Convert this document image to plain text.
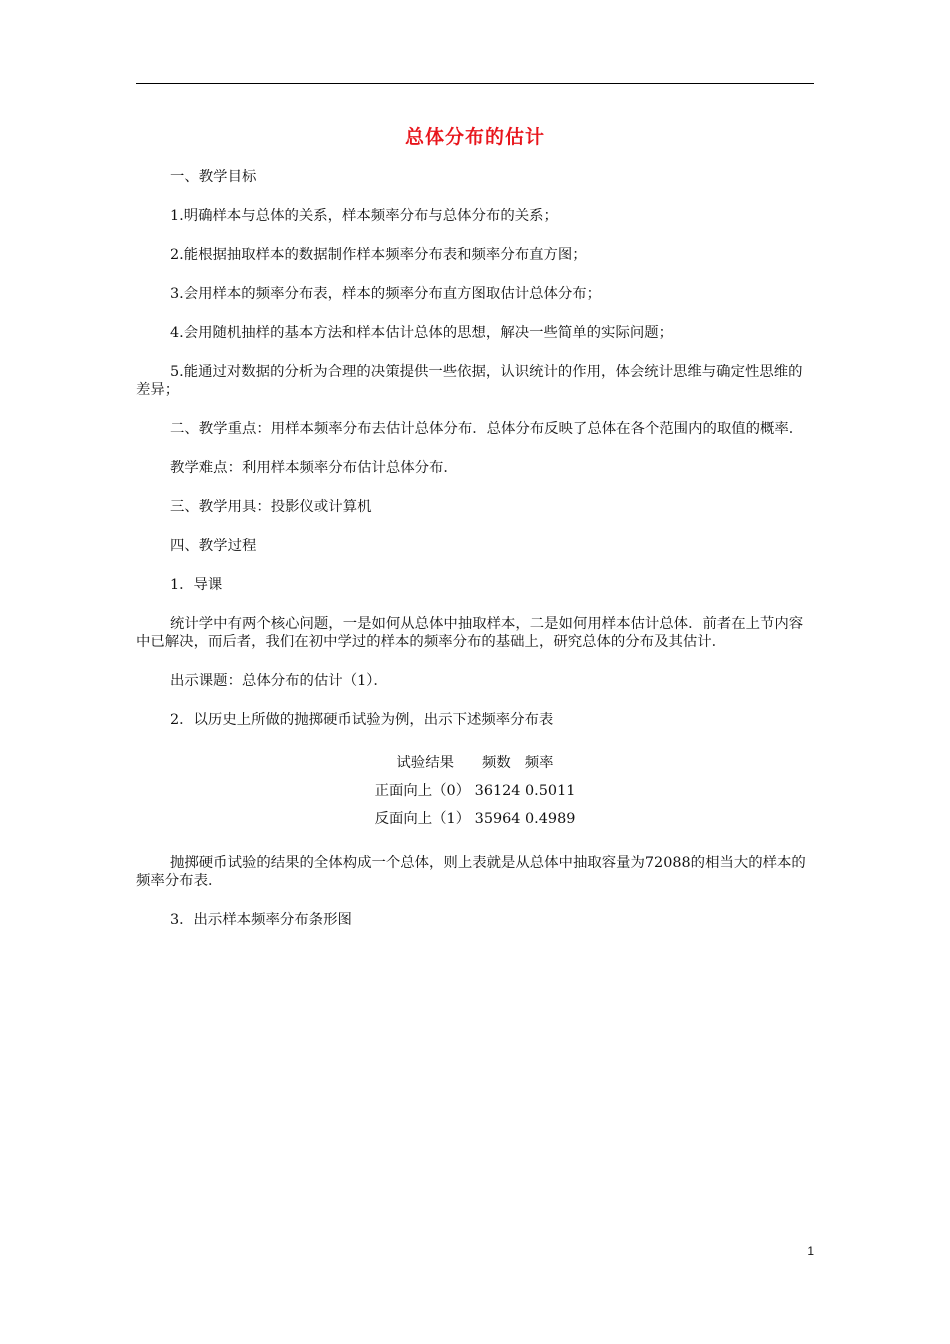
总体分布的估计

一、教学目标

1.明确样本与总体的关系，样本频率分布与总体分布的关系；

2.能根据抽取样本的数据制作样本频率分布表和频率分布直方图；

3.会用样本的频率分布表，样本的频率分布直方图取估计总体分布；

4.会用随机抽样的基本方法和样本估计总体的思想，解决一些简单的实际问题；

5.能通过对数据的分析为合理的决策提供一些依据，认识统计的作用，体会统计思维与确定性思维的差异；

二、教学重点：用样本频率分布去估计总体分布．总体分布反映了总体在各个范围内的取值的概率．

教学难点：利用样本频率分布估计总体分布．

三、教学用具：投影仪或计算机

四、教学过程

1．导课

统计学中有两个核心问题，一是如何从总体中抽取样本，二是如何用样本估计总体．前者在上节内容中已解决，而后者，我们在初中学过的样本的频率分布的基础上，研究总体的分布及其估计．

出示课题：总体分布的估计（1）．

2．以历史上所做的抛掷硬币试验为例，出示下述频率分布表

试验结果 频数 频率
正面向上（0） 36124 0.5011
反面向上（1） 35964 0.4989

抛掷硬币试验的结果的全体构成一个总体，则上表就是从总体中抽取容量为72088的相当大的样本的频率分布表．

3．出示样本频率分布条形图

1
